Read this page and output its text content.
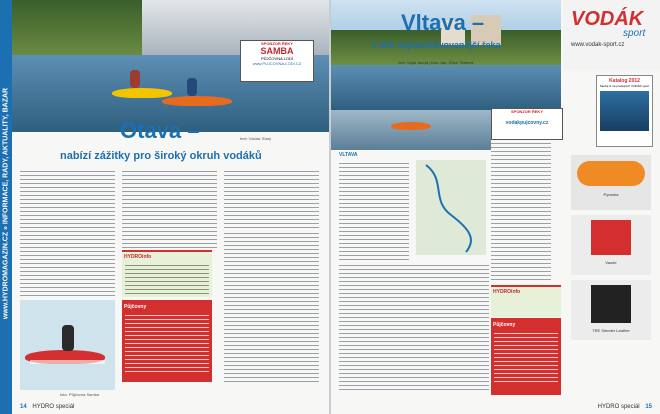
www.HYDROMAGAZIN.CZ » INFORMACE, RADY, AKTUALITY, BAZAR
SPONZOR ŘEKY
SAMBA
PŮJČOVNA LODÍ
www.PUJCOVNA-LODI.CZ
Otava –
nabízí zážitky pro široký okruh vodáků
text: Václav Starý
HYDROinfo
Půjčovny
foto: Půjčovna Samba
14 HYDRO speciál
Vltava –
v létě nejnavštěvovanější řeka
text: Vojta Janda | foto: Jan „Štíra“ Štíbrník
VODÁK
sport
www.vodak-sport.cz
Katalog 2012
Sleduj si na prodejních VODÁK sport
SPONZOR ŘEKY
vodakpujcovny.cz
VLTAVA
HYDROinfo
Půjčovny
Pyranha
Vaude
TRE Slender Leather
HYDRO speciál 15
